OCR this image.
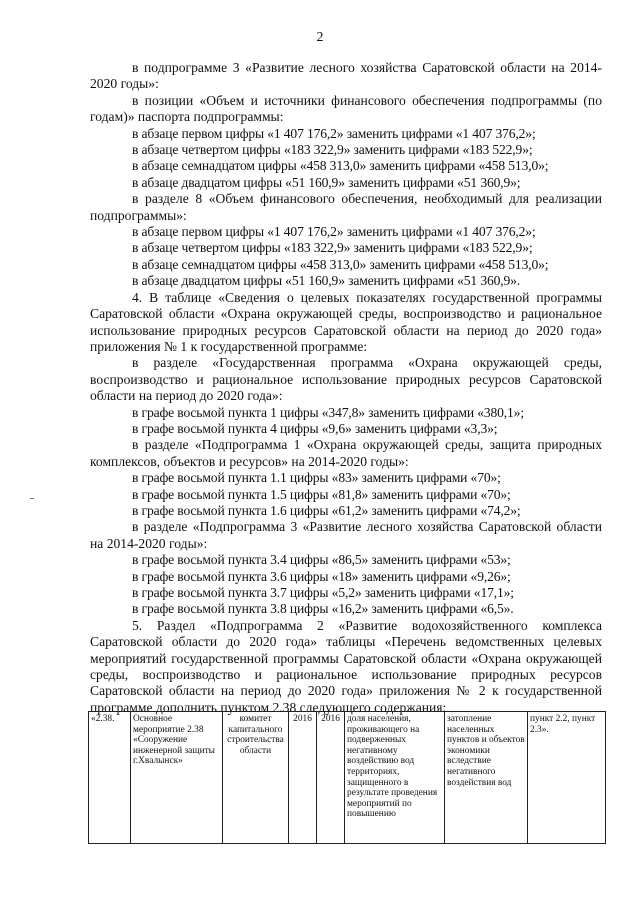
2

в подпрограмме 3 «Развитие лесного хозяйства Саратовской области на 2014-2020 годы»:

в позиции «Объем и источники финансового обеспечения подпрограммы (по годам)» паспорта подпрограммы:

в абзаце первом цифры «1 407 176,2» заменить цифрами «1 407 376,2»;

в абзаце четвертом цифры «183 322,9» заменить цифрами «183 522,9»;

в абзаце семнадцатом цифры «458 313,0» заменить цифрами «458 513,0»;

в абзаце двадцатом цифры «51 160,9» заменить цифрами «51 360,9»;

в разделе 8 «Объем финансового обеспечения, необходимый для реализации подпрограммы»:

в абзаце первом цифры «1 407 176,2» заменить цифрами «1 407 376,2»;

в абзаце четвертом цифры «183 322,9» заменить цифрами «183 522,9»;

в абзаце семнадцатом цифры «458 313,0» заменить цифрами «458 513,0»;

в абзаце двадцатом цифры «51 160,9» заменить цифрами «51 360,9».

4. В таблице «Сведения о целевых показателях государственной программы Саратовской области «Охрана окружающей среды, воспроизводство и рациональное использование природных ресурсов Саратовской области на период до 2020 года» приложения № 1 к государственной программе:

в разделе «Государственная программа «Охрана окружающей среды, воспроизводство и рациональное использование природных ресурсов Саратовской области на период до 2020 года»:

в графе восьмой пункта 1 цифры «347,8» заменить цифрами «380,1»;

в графе восьмой пункта 4 цифры «9,6» заменить цифрами «3,3»;

в разделе «Подпрограмма 1 «Охрана окружающей среды, защита природных комплексов, объектов и ресурсов» на 2014-2020 годы»:

в графе восьмой пункта 1.1 цифры «83» заменить цифрами «70»;

в графе восьмой пункта 1.5 цифры «81,8» заменить цифрами «70»;

в графе восьмой пункта 1.6 цифры «61,2» заменить цифрами «74,2»;

в разделе «Подпрограмма 3 «Развитие лесного хозяйства Саратовской области на 2014-2020 годы»:

в графе восьмой пункта 3.4 цифры «86,5» заменить цифрами «53»;

в графе восьмой пункта 3.6 цифры «18» заменить цифрами «9,26»;

в графе восьмой пункта 3.7 цифры «5,2» заменить цифрами «17,1»;

в графе восьмой пункта 3.8 цифры «16,2» заменить цифрами «6,5».

5. Раздел «Подпрограмма 2 «Развитие водохозяйственного комплекса Саратовской области до 2020 года» таблицы «Перечень ведомственных целевых мероприятий государственной программы Саратовской области «Охрана окружающей среды, воспроизводство и рациональное использование природных ресурсов Саратовской области на период до 2020 года» приложения № 2 к государственной программе дополнить пунктом 2.38 следующего содержания:

«2.38.	Основное мероприятие 2.38 «Сооружение инженерной защиты г.Хвалынск»	комитет капитального строительства области	2016	2016	доля населения, проживающего на подверженных негативному воздействию вод территориях, защищенного в результате проведения мероприятий по повышению	затопление населенных пунктов и объектов экономики вследствие негативного воздействия вод	пункт 2.2, пункт 2.3».
